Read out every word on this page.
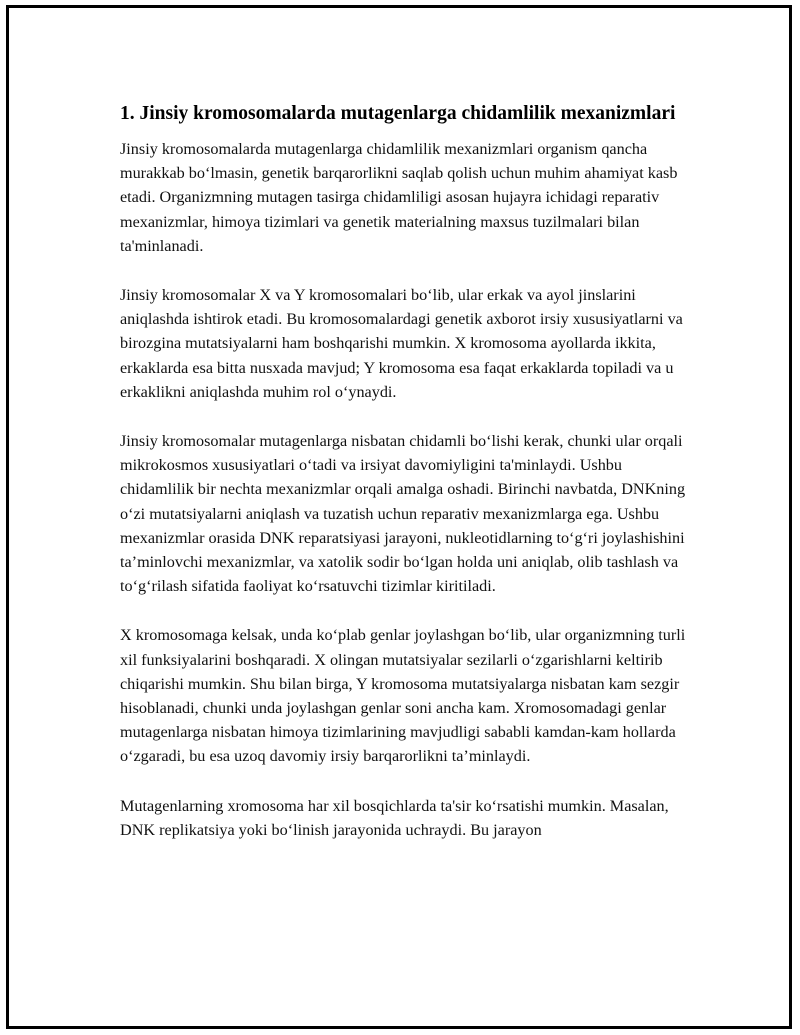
1. Jinsiy kromosomalarda mutagenlarga chidamlilik mexanizmlari

Jinsiy kromosomalarda mutagenlarga chidamlilik mexanizmlari organism qancha murakkab bo‘lmasin, genetik barqarorlikni saqlab qolish uchun muhim ahamiyat kasb etadi. Organizmning mutagen tasirga chidamliligi asosan hujayra ichidagi reparativ mexanizmlar, himoya tizimlari va genetik materialning maxsus tuzilmalari bilan ta'minlanadi.

Jinsiy kromosomalar X va Y kromosomalari bo‘lib, ular erkak va ayol jinslarini aniqlashda ishtirok etadi. Bu kromosomalardagi genetik axborot irsiy xususiyatlarni va birozgina mutatsiyalarni ham boshqarishi mumkin. X kromosoma ayollarda ikkita, erkaklarda esa bitta nusxada mavjud; Y kromosoma esa faqat erkaklarda topiladi va u erkaklikni aniqlashda muhim rol o‘ynaydi.

Jinsiy kromosomalar mutagenlarga nisbatan chidamli bo‘lishi kerak, chunki ular orqali mikrokosmos xususiyatlari o‘tadi va irsiyat davomiyligini ta'minlaydi. Ushbu chidamlilik bir nechta mexanizmlar orqali amalga oshadi. Birinchi navbatda, DNKning o‘zi mutatsiyalarni aniqlash va tuzatish uchun reparativ mexanizmlarga ega. Ushbu mexanizmlar orasida DNK reparatsiyasi jarayoni, nukleotidlarning to‘g‘ri joylashishini ta’minlovchi mexanizmlar, va xatolik sodir bo‘lgan holda uni aniqlab, olib tashlash va to‘g‘rilash sifatida faoliyat ko‘rsatuvchi tizimlar kiritiladi.

X kromosomaga kelsak, unda ko‘plab genlar joylashgan bo‘lib, ular organizmning turli xil funksiyalarini boshqaradi. X olingan mutatsiyalar sezilarli o‘zgarishlarni keltirib chiqarishi mumkin. Shu bilan birga, Y kromosoma mutatsiyalarga nisbatan kam sezgir hisoblanadi, chunki unda joylashgan genlar soni ancha kam. Xromosomadagi genlar mutagenlarga nisbatan himoya tizimlarining mavjudligi sababli kamdan-kam hollarda o‘zgaradi, bu esa uzoq davomiy irsiy barqarorlikni ta’minlaydi.

Mutagenlarning xromosoma har xil bosqichlarda ta'sir ko‘rsatishi mumkin. Masalan, DNK replikatsiya yoki bo‘linish jarayonida uchraydi. Bu jarayon
